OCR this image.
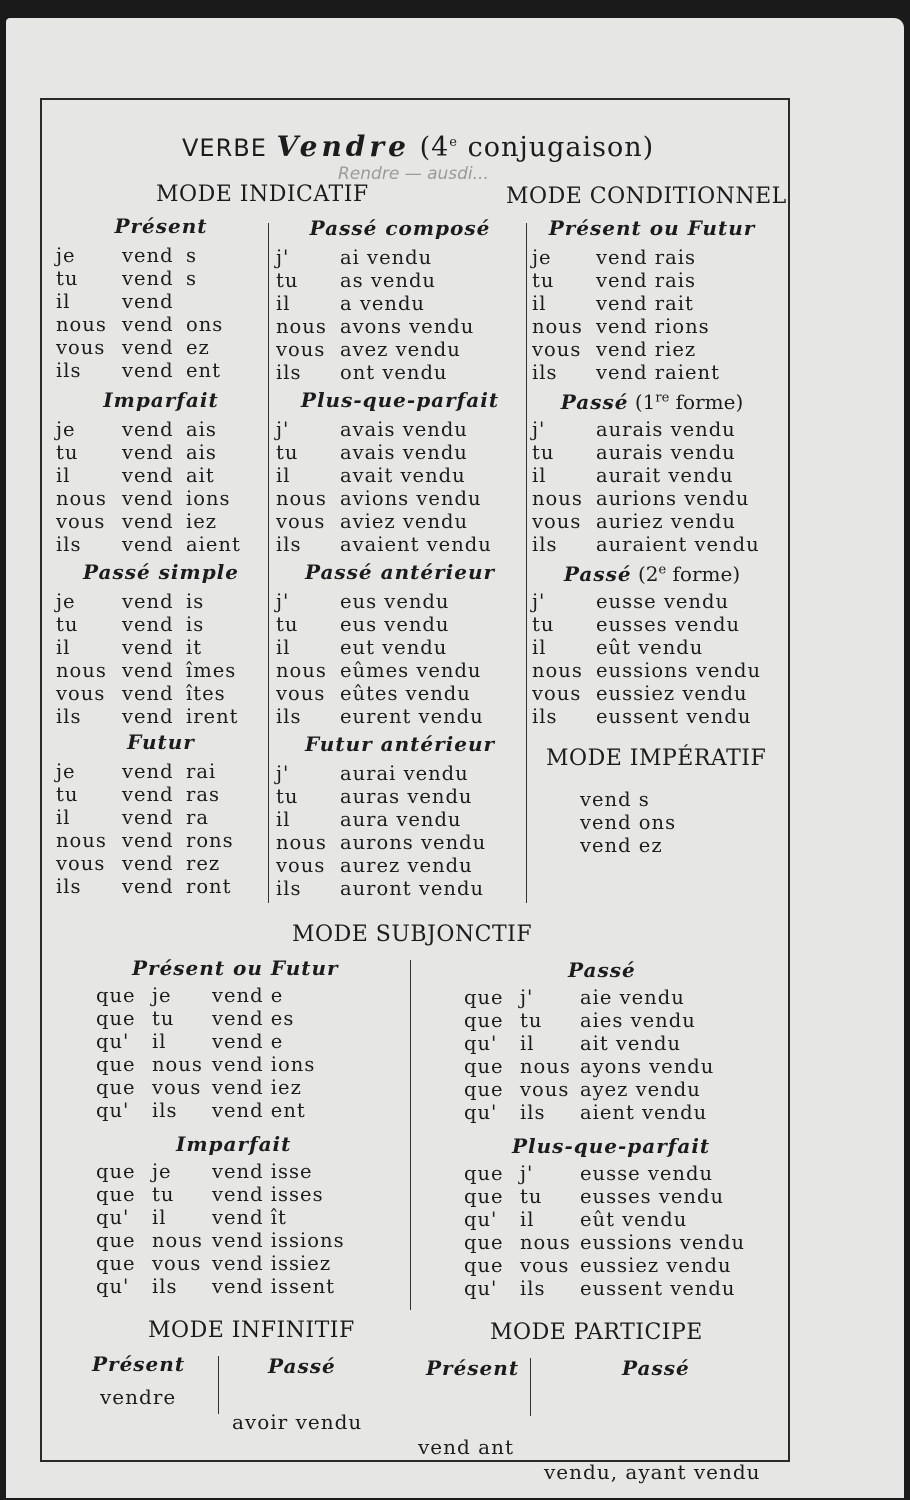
VERBE Vendre (4e conjugaison)
Rendre — ausdi...
MODE INDICATIF	MODE CONDITIONNEL
Présent
je vend s
tu vend s
il	vend
nous vend ons
vous vend ez
ils vend ent
Imparfait
je vend ais
tu vend ais
il	vend ait
nous vend ions
vous vend iez
ils vend aient
Passé simple
je vend is
tu vend is
il	vend it
nous vend îmes
vous vend îtes
ils vend irent
Futur
je vend rai
tu vend ras
il	vend ra
nous vend rons
vous vend rez
ils vend ront
Passé composé
j'	ai vendu
tu as vendu
il	a vendu
nous avons vendu
vous avez vendu
ils ont vendu
Plus-que-parfait
j'	avais vendu
tu avais vendu
il	avait vendu
nous avions vendu
vous aviez vendu
ils avaient vendu
Passé antérieur
j'	eus vendu
tu eus vendu
il	eut vendu
nous eûmes vendu
vous eûtes vendu
ils eurent vendu
Futur antérieur
j'	aurai vendu
tu auras vendu
il	aura vendu
nous aurons vendu
vous aurez vendu
ils auront vendu
Présent ou Futur
je vend rais
tu vend rais
il	vend rait
nous vend rions
vous vend riez
ils vend raient
Passé (1re forme)
j'	aurais vendu
tu aurais vendu
il	aurait vendu
nous aurions vendu
vous auriez vendu
ils auraient vendu
Passé (2e forme)
j'	eusse vendu
tu eusses vendu
il	eût vendu
nous eussions vendu
vous eussiez vendu
ils eussent vendu
MODE IMPÉRATIF
vend s
vend ons
vend ez
MODE SUBJONCTIF
Présent ou Futur
que je vend e
que tu vend es
qu' il vend e
que nous vend ions
que vous vend iez
qu' ils vend ent
Imparfait
que je vend isse
que tu vend isses
qu' il vend ît
que nous vend issions
que vous vend issiez
qu' ils vend issent
Passé
que j' aie vendu
que tu aies vendu
qu' il ait vendu
que nous ayons vendu
que vous ayez vendu
qu' ils aient vendu
Plus-que-parfait
que j' eusse vendu
que tu eusses vendu
qu' il eût vendu
que nous eussions vendu
que vous eussiez vendu
qu' ils eussent vendu
MODE INFINITIF	MODE PARTICIPE
Présent
vendre
Passé
avoir vendu
Présent
vend ant
Passé
vendu, ayant vendu
